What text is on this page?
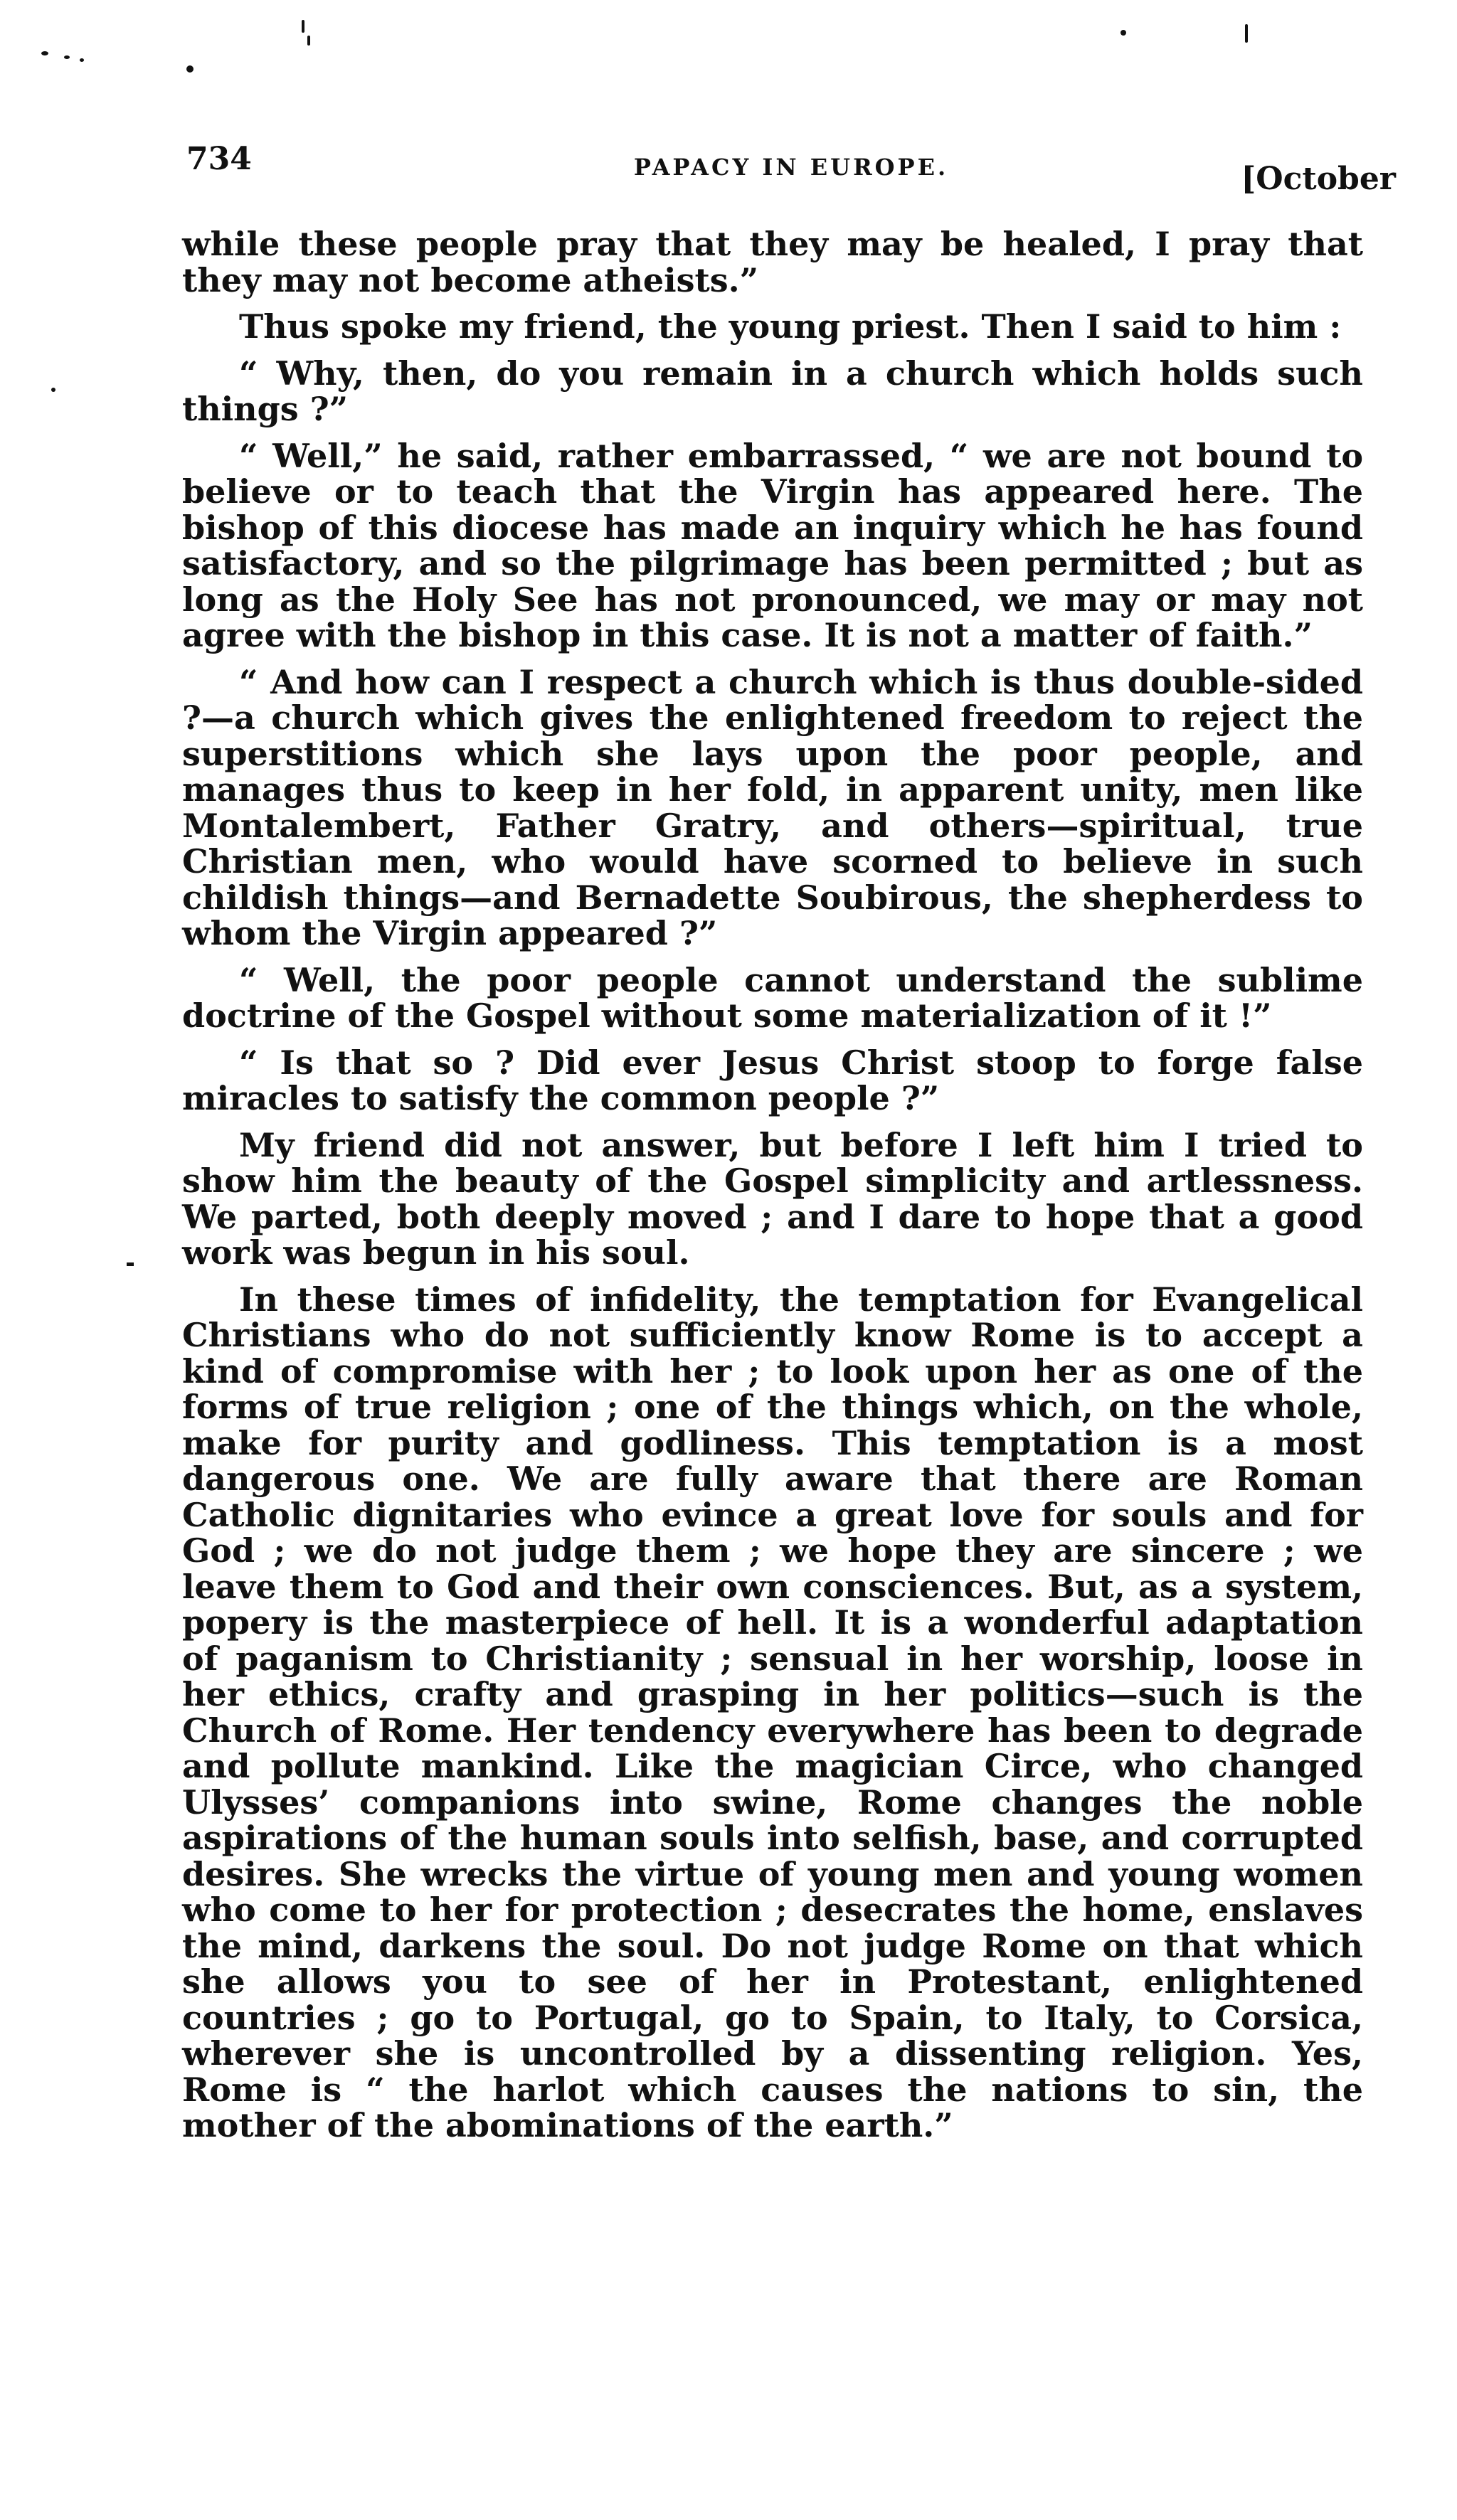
734	PAPACY IN EUROPE.	[October

while these people pray that they may be healed, I pray that they may not become atheists.”

Thus spoke my friend, the young priest. Then I said to him :

“ Why, then, do you remain in a church which holds such things ?”

“ Well,” he said, rather embarrassed, “ we are not bound to believe or to teach that the Virgin has appeared here. The bishop of this diocese has made an inquiry which he has found satisfactory, and so the pilgrimage has been permitted ; but as long as the Holy See has not pronounced, we may or may not agree with the bishop in this case. It is not a matter of faith.”

“ And how can I respect a church which is thus double-sided ?—a church which gives the enlightened freedom to reject the superstitions which she lays upon the poor people, and manages thus to keep in her fold, in apparent unity, men like Montalembert, Father Gratry, and others—spiritual, true Christian men, who would have scorned to believe in such childish things—and Bernadette Soubirous, the shepherdess to whom the Virgin appeared ?”

“ Well, the poor people cannot understand the sublime doctrine of the Gospel without some materialization of it !”

“ Is that so ? Did ever Jesus Christ stoop to forge false miracles to satisfy the common people ?”

My friend did not answer, but before I left him I tried to show him the beauty of the Gospel simplicity and artlessness. We parted, both deeply moved ; and I dare to hope that a good work was begun in his soul.

In these times of infidelity, the temptation for Evangelical Christians who do not sufficiently know Rome is to accept a kind of compromise with her ; to look upon her as one of the forms of true religion ; one of the things which, on the whole, make for purity and godliness. This temptation is a most dangerous one. We are fully aware that there are Roman Catholic dignitaries who evince a great love for souls and for God ; we do not judge them ; we hope they are sincere ; we leave them to God and their own consciences. But, as a system, popery is the masterpiece of hell. It is a wonderful adaptation of paganism to Christianity ; sensual in her worship, loose in her ethics, crafty and grasping in her politics—such is the Church of Rome. Her tendency everywhere has been to degrade and pollute mankind. Like the magician Circe, who changed Ulysses’ companions into swine, Rome changes the noble aspirations of the human souls into selfish, base, and corrupted desires. She wrecks the virtue of young men and young women who come to her for protection ; desecrates the home, enslaves the mind, darkens the soul. Do not judge Rome on that which she allows you to see of her in Protestant, enlightened countries ; go to Portugal, go to Spain, to Italy, to Corsica, wherever she is uncontrolled by a dissenting religion. Yes, Rome is “ the harlot which causes the nations to sin, the mother of the abominations of the earth.”
